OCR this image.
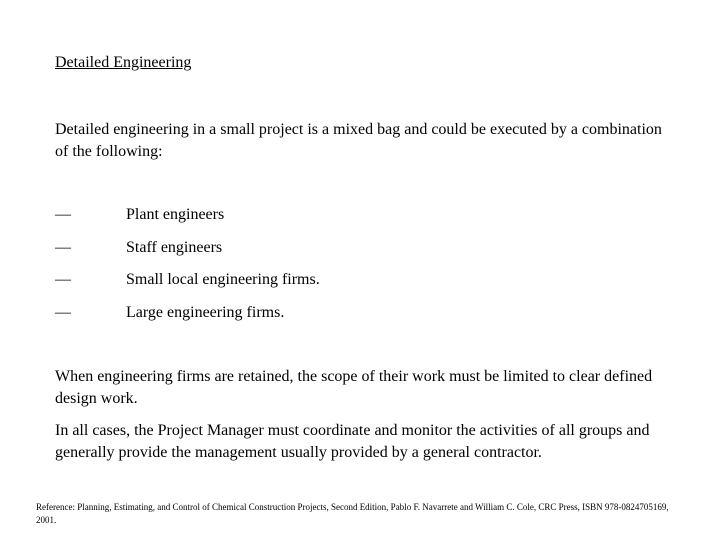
Detailed Engineering
Detailed engineering in a small project is a mixed bag and could be executed by a combination of the following:
—	Plant engineers
—	Staff engineers
—	Small local engineering firms.
—	Large engineering firms.
When engineering firms are retained, the scope of their work must be limited to clear defined design work.
In all cases, the Project Manager must coordinate and monitor the activities of all groups and generally provide the management usually provided by a general contractor.
Reference: Planning, Estimating, and Control of Chemical Construction Projects, Second Edition, Pablo F. Navarrete and William C. Cole, CRC Press, ISBN 978-0824705169, 2001.
